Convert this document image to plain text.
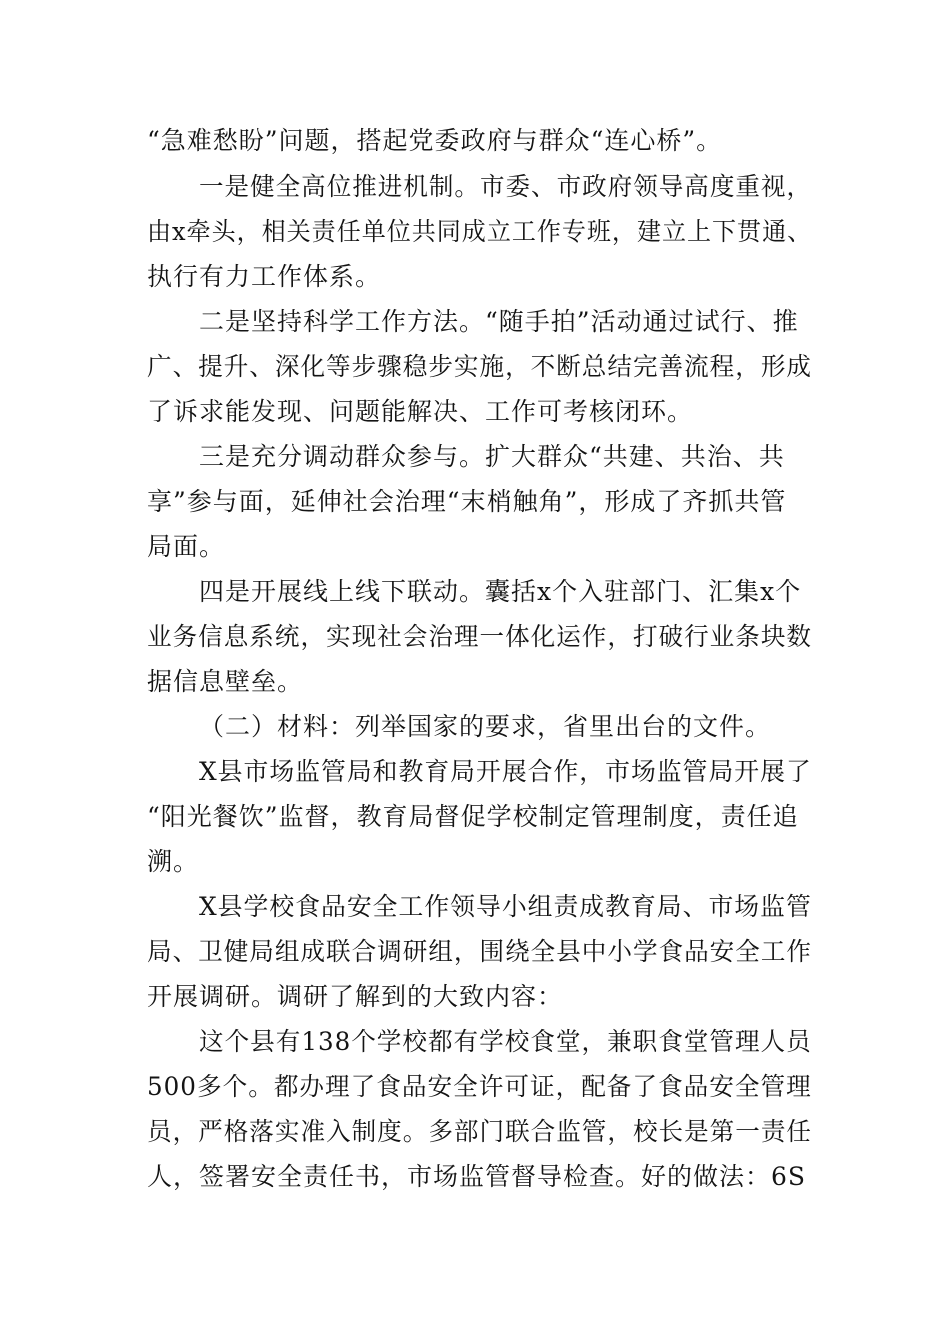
“急难愁盼”问题，搭起党委政府与群众“连心桥”。
一是健全高位推进机制。市委、市政府领导高度重视，
由x牵头，相关责任单位共同成立工作专班，建立上下贯通、
执行有力工作体系。
二是坚持科学工作方法。“随手拍”活动通过试行、推
广、提升、深化等步骤稳步实施，不断总结完善流程，形成
了诉求能发现、问题能解决、工作可考核闭环。
三是充分调动群众参与。扩大群众“共建、共治、共
享”参与面，延伸社会治理“末梢触角”，形成了齐抓共管
局面。
四是开展线上线下联动。囊括x个入驻部门、汇集x个
业务信息系统，实现社会治理一体化运作，打破行业条块数
据信息壁垒。
（二）材料：列举国家的要求，省里出台的文件。
X县市场监管局和教育局开展合作，市场监管局开展了
“阳光餐饮”监督，教育局督促学校制定管理制度，责任追
溯。
X县学校食品安全工作领导小组责成教育局、市场监管
局、卫健局组成联合调研组，围绕全县中小学食品安全工作
开展调研。调研了解到的大致内容：
这个县有138个学校都有学校食堂，兼职食堂管理人员
500多个。都办理了食品安全许可证，配备了食品安全管理
员，严格落实准入制度。多部门联合监管，校长是第一责任
人，签署安全责任书，市场监管督导检查。好的做法：6S
